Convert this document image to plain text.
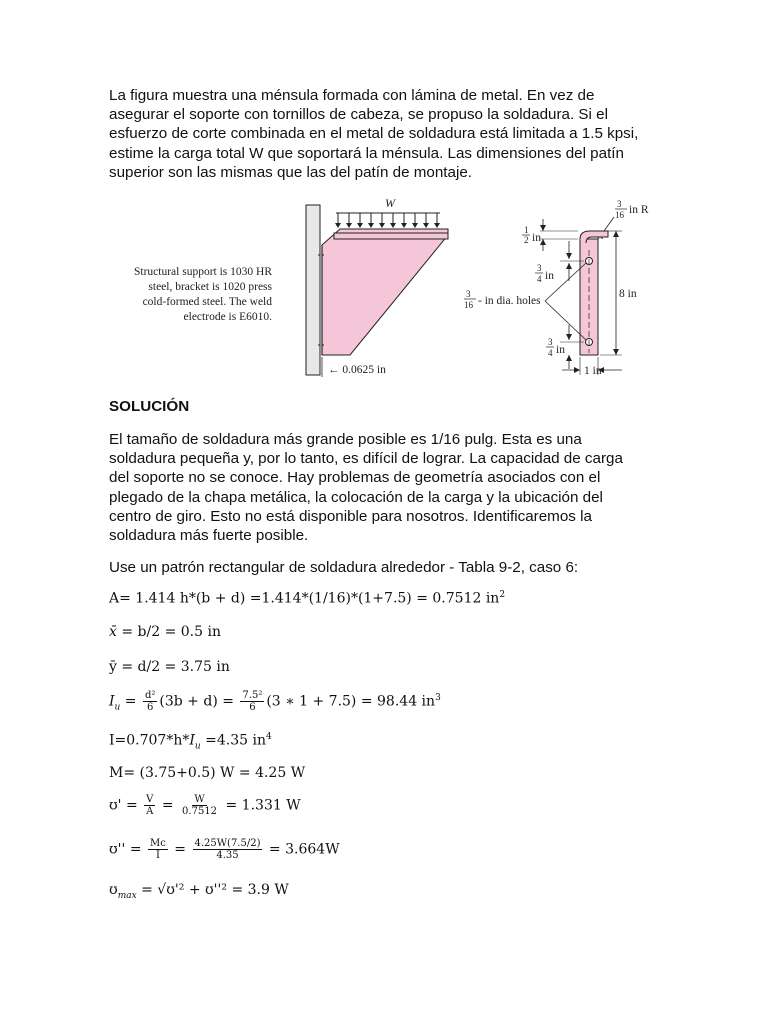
La figura muestra una ménsula formada con lámina de metal. En vez de

asegurar el soporte con tornillos de cabeza, se propuso la soldadura. Si el

esfuerzo de corte combinada en el metal de soldadura está limitada a 1.5 kpsi,

estime la carga total W que soportará la ménsula. Las dimensiones del patín

superior son las mismas que las del patín de montaje.

Structural support is 1030 HR
steel, bracket is 1020 press
cold-formed steel. The weld
electrode is E6010.
W
← 0.0625 in
8 in
1 in
1
2 in
3
4 in
3
16 - in dia. holes
3
4 in
3
16 in R
SOLUCIÓN

El tamaño de soldadura más grande posible es 1/16 pulg. Esta es una

soldadura pequeña y, por lo tanto, es difícil de lograr. La capacidad de carga

del soporte no se conoce. Hay problemas de geometría asociados con el

plegado de la chapa metálica, la colocación de la carga y la ubicación del

centro de giro. Esto no está disponible para nosotros. Identificaremos la

soldadura más fuerte posible.

Use un patrón rectangular de soldadura alrededor - Tabla 9-2, caso 6:

A= 1.414 h*(b + d) =1.414*(1/16)*(1+7.5) = 0.7512 $in^2$
x̄ = b/2 = 0.5 in
ȳ = d/2 = 3.75 in
$I_u = \frac{\text{d²}}{6} (3b + d) = \frac{\text{7.5²}}{6} (3$ ∗ 1 + 7.5) = 98.44 $in^3$
$I=0.707*h*I_u =4.35$ $in^4$
M= (3.75+0.5) W = 4.25 W
ʊ' = $\frac{V}{A} = \frac{W}{0.7512} = 1.331$ W
ʊ'' = $\frac{Mc}{I} = \frac{4.25W(7.5/2)}{4.35} = 3.664W$
ʊ$_{max}$ = √ʊ'² + ʊ''² = 3.9 W
